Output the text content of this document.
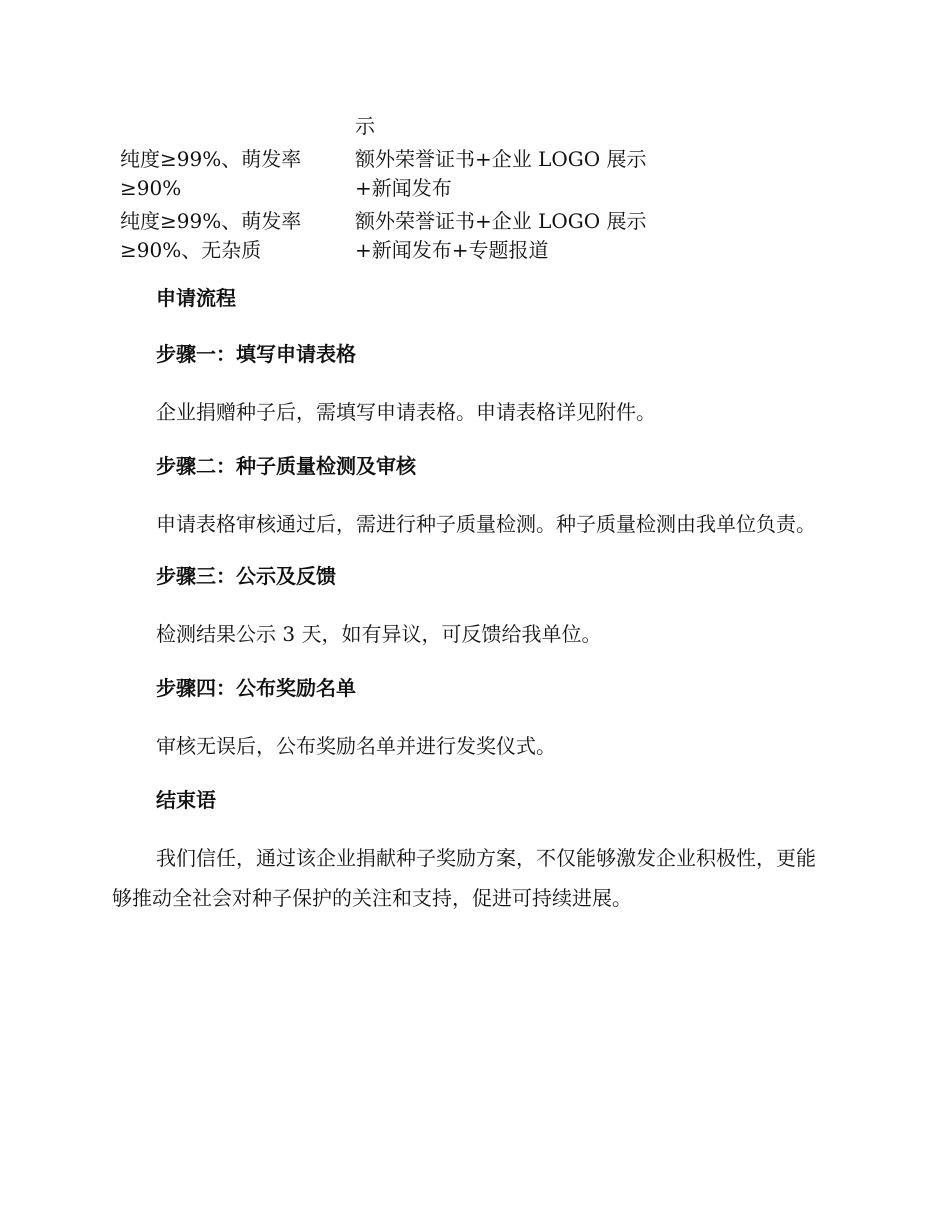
示
纯度≥99%、萌发率≥90%
额外荣誉证书+企业 LOGO 展示+新闻发布
纯度≥99%、萌发率≥90%、无杂质
额外荣誉证书+企业 LOGO 展示+新闻发布+专题报道
申请流程
步骤一：填写申请表格

企业捐赠种子后，需填写申请表格。申请表格详见附件。

步骤二：种子质量检测及审核

申请表格审核通过后，需进行种子质量检测。种子质量检测由我单位负责。

步骤三：公示及反馈

检测结果公示 3 天，如有异议，可反馈给我单位。

步骤四：公布奖励名单

审核无误后，公布奖励名单并进行发奖仪式。

结束语

我们信任，通过该企业捐献种子奖励方案，不仅能够激发企业积极性，更能够推动全社会对种子保护的关注和支持，促进可持续进展。
